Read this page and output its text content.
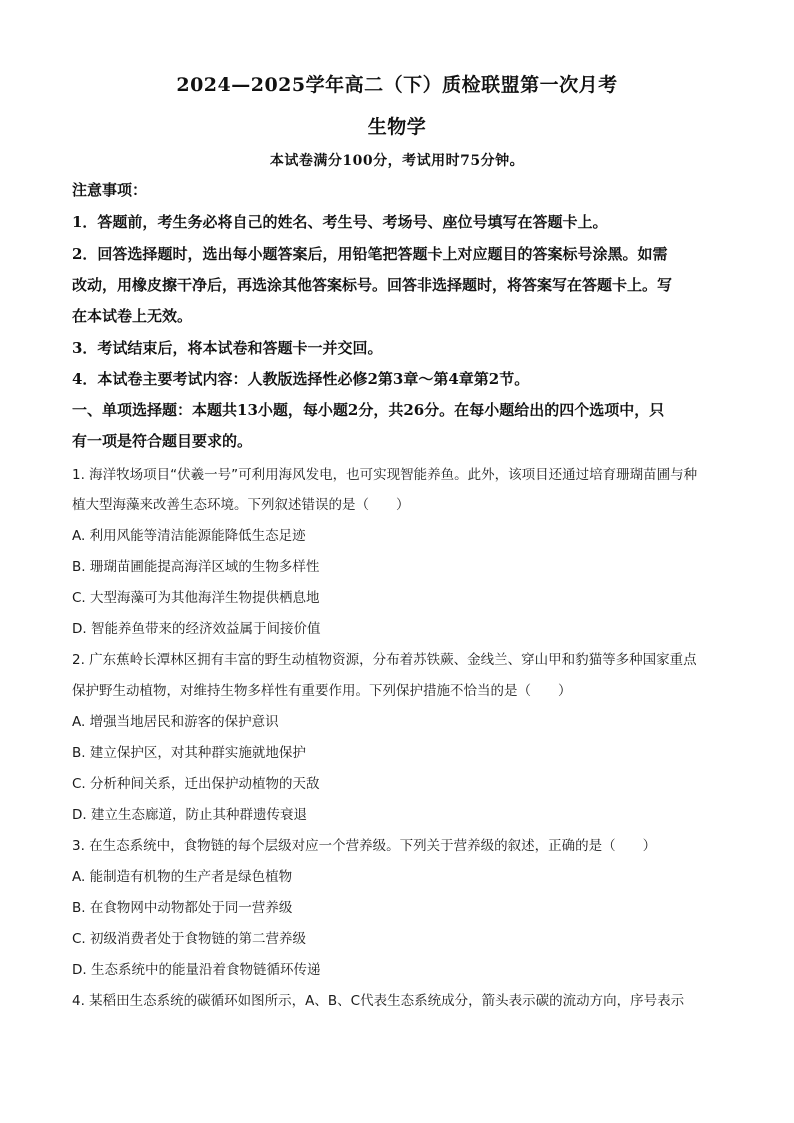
2024—2025学年高二（下）质检联盟第一次月考
生物学
本试卷满分100分，考试用时75分钟。
注意事项：
1．答题前，考生务必将自己的姓名、考生号、考场号、座位号填写在答题卡上。
2．回答选择题时，选出每小题答案后，用铅笔把答题卡上对应题目的答案标号涂黑。如需
改动，用橡皮擦干净后，再选涂其他答案标号。回答非选择题时，将答案写在答题卡上。写
在本试卷上无效。
3．考试结束后，将本试卷和答题卡一并交回。
4．本试卷主要考试内容：人教版选择性必修2第3章～第4章第2节。
一、单项选择题：本题共13小题，每小题2分，共26分。在每小题给出的四个选项中，只
有一项是符合题目要求的。
1. 海洋牧场项目“伏羲一号”可利用海风发电，也可实现智能养鱼。此外，该项目还通过培育珊瑚苗圃与种
植大型海藻来改善生态环境。下列叙述错误的是（　　）
A. 利用风能等清洁能源能降低生态足迹
B. 珊瑚苗圃能提高海洋区域的生物多样性
C. 大型海藻可为其他海洋生物提供栖息地
D. 智能养鱼带来的经济效益属于间接价值
2. 广东蕉岭长潭林区拥有丰富的野生动植物资源，分布着苏铁蕨、金线兰、穿山甲和豹猫等多种国家重点
保护野生动植物，对维持生物多样性有重要作用。下列保护措施不恰当的是（　　）
A. 增强当地居民和游客的保护意识
B. 建立保护区，对其种群实施就地保护
C. 分析种间关系，迁出保护动植物的天敌
D. 建立生态廊道，防止其种群遗传衰退
3. 在生态系统中，食物链的每个层级对应一个营养级。下列关于营养级的叙述，正确的是（　　）
A. 能制造有机物的生产者是绿色植物
B. 在食物网中动物都处于同一营养级
C. 初级消费者处于食物链的第二营养级
D. 生态系统中的能量沿着食物链循环传递
4. 某稻田生态系统的碳循环如图所示，A、B、C代表生态系统成分，箭头表示碳的流动方向，序号表示
